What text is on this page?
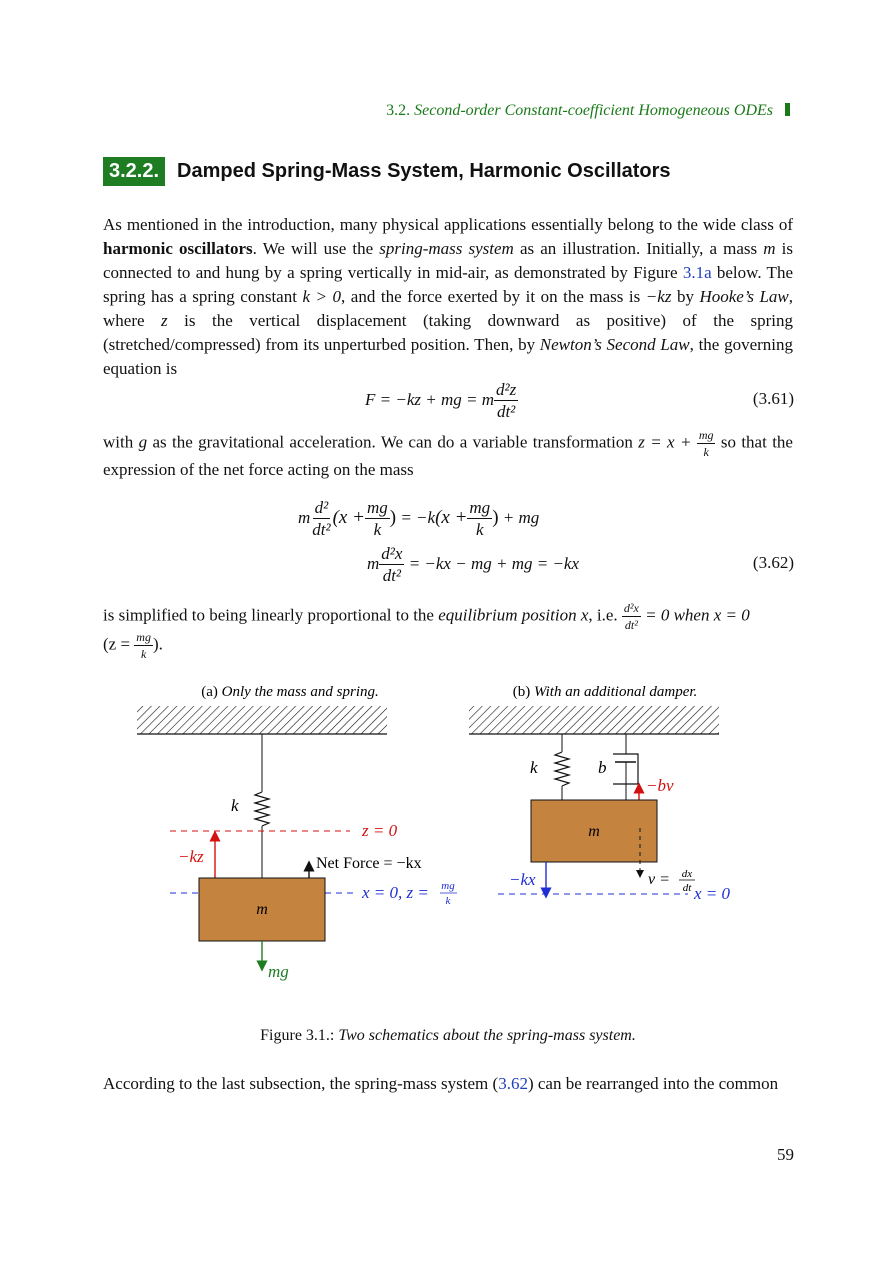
3.2. Second-order Constant-coefficient Homogeneous ODEs
3.2.2. Damped Spring-Mass System, Harmonic Oscillators

As mentioned in the introduction, many physical applications essentially belong to the wide class of harmonic oscillators. We will use the spring-mass system as an illustration. Initially, a mass m is connected to and hung by a spring vertically in mid-air, as demonstrated by Figure 3.1a below. The spring has a spring constant k > 0, and the force exerted by it on the mass is −kz by Hooke’s Law, where z is the vertical displacement (taking downward as positive) of the spring (stretched/compressed) from its unperturbed position. Then, by Newton’s Second Law, the governing equation is

F = −kz + mg = m $\frac{\text{d²z}}{\text{dt²}}$	(3.61)

with g as the gravitational acceleration. We can do a variable transformation $z = x + \frac{mg}{k}$ so that the expression of the net force acting on the mass

m $\frac{\text{d²}}{\text{dt²}} (x + \frac{mg}{k}$ ) = −k ($x + \frac{mg}{k}$ ) + mg
m $\frac{\text{d²x}}{\text{dt²}} = -kx$ − mg + mg = −kx	(3.62)

is simplified to being linearly proportional to the equilibrium position x, i.e. $\frac{\text{d²x}}{\text{dt²}} = 0$ when x = 0
($z = \frac{mg}{k}$ ).

(a) Only the mass and spring.	(b) With an additional damper.
k
z = 0
−kz	Net Force = −kx
x = 0, z = mg
k
m
mg
k	b
−bv
m
v = dx
dt
−kx
x = 0
Figure 3.1.: Two schematics about the spring-mass system.

According to the last subsection, the spring-mass system (3.62) can be rearranged into the common

59
